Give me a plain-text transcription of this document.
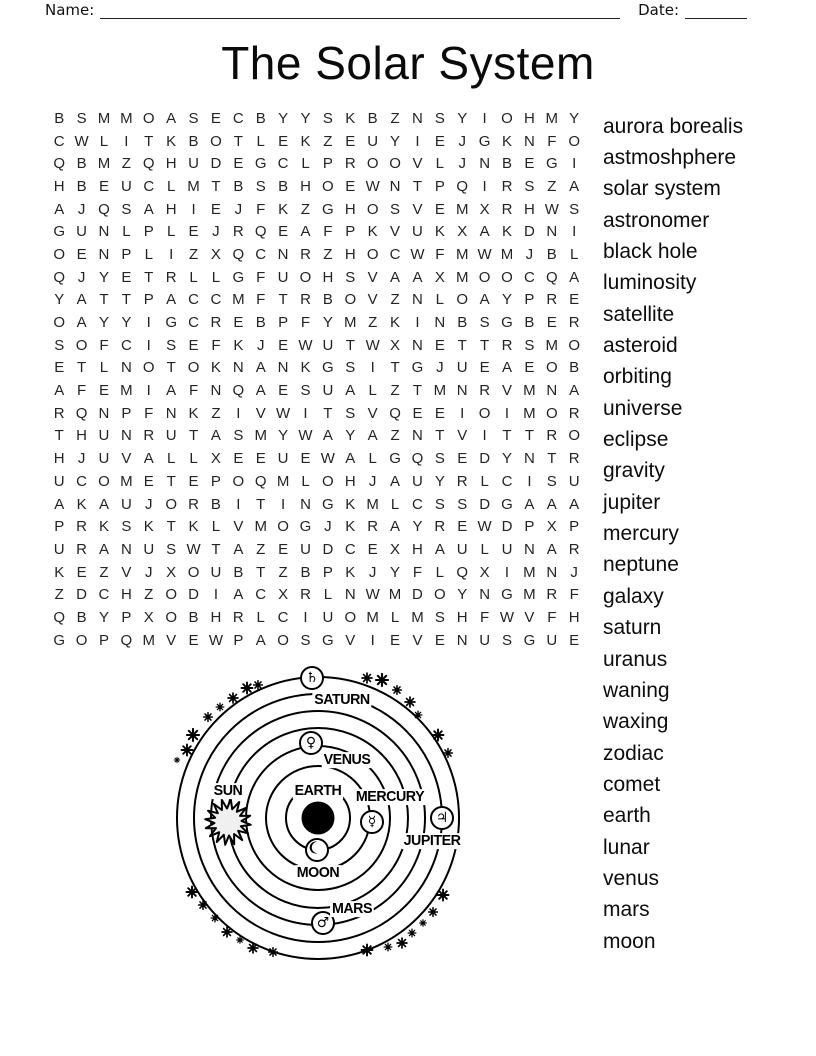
Name:	Date:
The Solar System
B S M M O A S E C B Y Y S K B Z N S Y	I O H M Y
C W L	I	T K B O T L E K Z E U Y	I	E J G K N F O
Q B M Z Q H U D E G C L P R O O V L J N B E G I
H B E U C L M T B S B H O E W N T P Q I R S Z A
A J Q S A H I	E J F K Z G H O S V E M X R H W S
G U N L P L E J R Q E A F P K V U K X A K D N I
O E N P L	I	Z X Q C N R Z H O C W F M W M J B L
Q J Y E T R L L G F U O H S V A A X M O O C Q A
Y A T T P A C C M F T R B O V Z N L O A Y P R E
O A Y Y	I G C R E B P F Y M Z K	I N B S G B E R
S O F C I	S E F K J E W U T W X N E T T R S M O
E T L N O T O K N A N K G S	I	T G J U E A E O B
A F E M I	A F N Q A E S U A L Z T M N R V M N A
R Q N P F N K Z	I	V W I	T S V Q E E	I O I M O R
T H U N R U T A S M Y W A Y A Z N T V	I	T T R O
H J U V A L L X E E U E W A L G Q S E D Y N T R
U C O M E T E P O Q M L O H J A U Y R L C I	S U
A K A U J O R B	I	T	I N G K M L C S S D G A A A
P R K S K T K L V M O G J K R A Y R E W D P X P
U R A N U S W T A Z E U D C E X H A U L U N A R
K E Z V J X O U B T Z B P K J Y F L Q X	I M N J
Z D C H Z O D I	A C X R L N W M D O Y N G M R F
Q B Y P X O B H R L C I U O M L M S H F W V F H
G O P Q M V E W P A O S G V	I	E V E N U S G U E
aurora borealis
astmoshphere
solar system
astronomer
black hole
luminosity
satellite
asteroid
orbiting
universe
eclipse
gravity
jupiter
mercury
neptune
galaxy
saturn
uranus
waning
waxing
zodiac
comet
earth
lunar
venus
mars
moon
♄
SATURN
♀
VENUS
EARTH
☿
MERCURY
SUN
MOON
♂
MARS
♃
JUPITER
